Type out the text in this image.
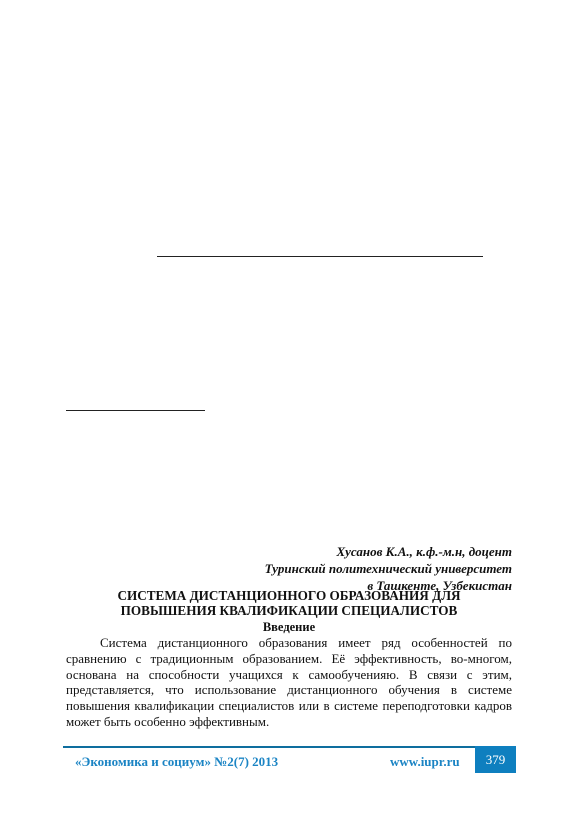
Хусанов К.А., к.ф.-м.н, доцент
Туринский политехнический университет
в Ташкенте, Узбекистан
СИСТЕМА ДИСТАНЦИОННОГО ОБРАЗОВАНИЯ ДЛЯ
ПОВЫШЕНИЯ КВАЛИФИКАЦИИ СПЕЦИАЛИСТОВ
Введение

Система дистанционного образования имеет ряд особенностей по сравнению с традиционным образованием. Её эффективность, во-многом, основана на способности учащихся к самообученияю. В связи с этим, представляется, что использование дистанционного обучения в системе повышения квалификации специалистов или в системе переподготовки кадров может быть особенно эффективным.

«Экономика и социум» №2(7) 2013	www.iupr.ru 379
